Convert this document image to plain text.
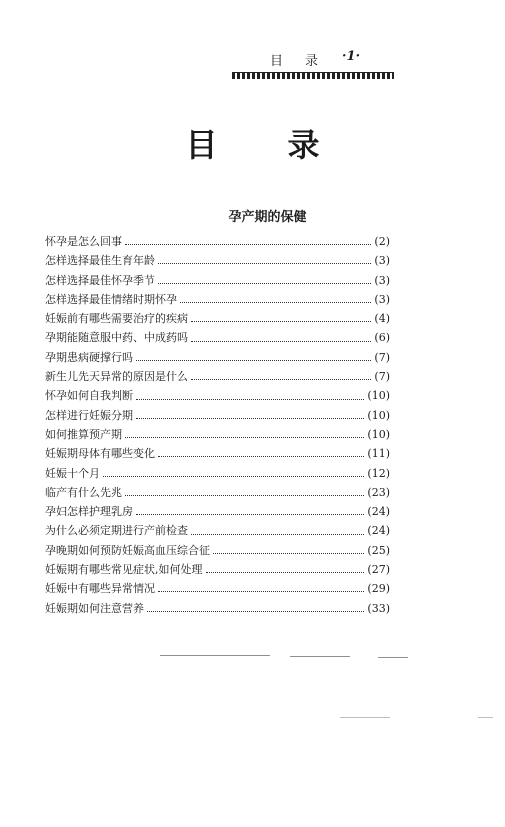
目 录 ·1·
目 录
孕产期的保健
怀孕是怎么回事	(2)
怎样选择最佳生育年龄	(3)
怎样选择最佳怀孕季节	(3)
怎样选择最佳情绪时期怀孕	(3)
妊娠前有哪些需要治疗的疾病	(4)
孕期能随意服中药、中成药吗	(6)
孕期患病硬撑行吗	(7)
新生儿先天异常的原因是什么	(7)
怀孕如何自我判断	(10)
怎样进行妊娠分期	(10)
如何推算预产期	(10)
妊娠期母体有哪些变化	(11)
妊娠十个月	(12)
临产有什么先兆	(23)
孕妇怎样护理乳房	(24)
为什么必须定期进行产前检查	(24)
孕晚期如何预防妊娠高血压综合征	(25)
妊娠期有哪些常见症状,如何处理	(27)
妊娠中有哪些异常情况	(29)
妊娠期如何注意营养	(33)
